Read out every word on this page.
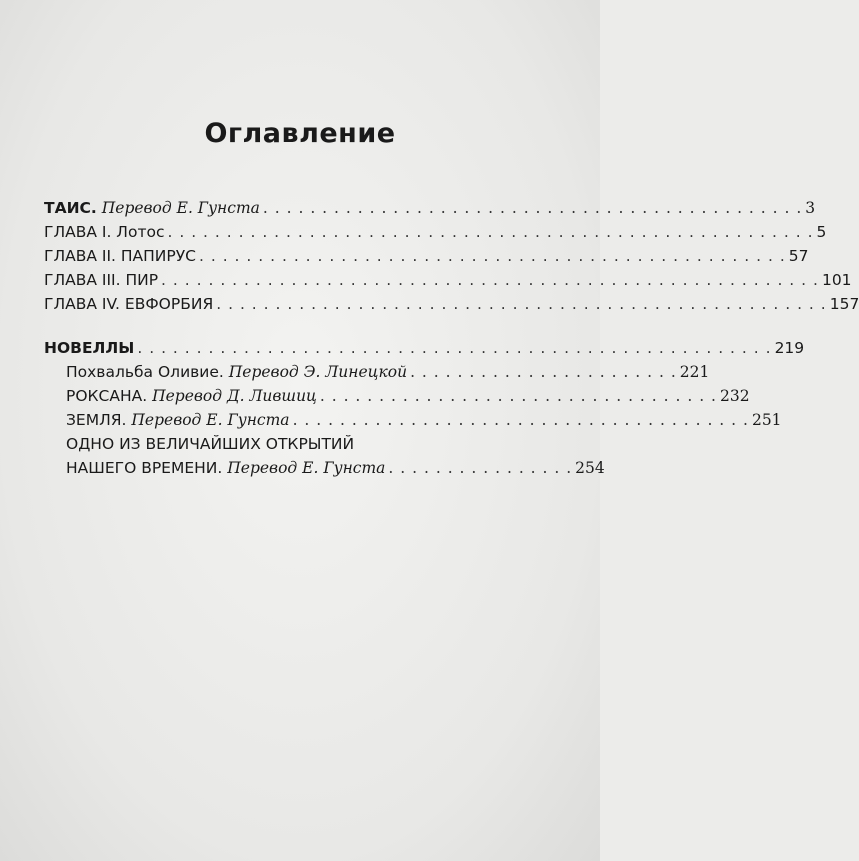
Оглавление
ТАИС.
Перевод Е. Гунста . . . . . . . . . . . . . . . . . . . . . . . . . . . . . . . . . . . . . . . . . . . . . . 3
ГЛАВА I. Лотос . . . . . . . . . . . . . . . . . . . . . . . . . . . . . . . . . . . . . . . . . . . . . . . . . . . . . . . 5
ГЛАВА II. ПАПИРУС . . . . . . . . . . . . . . . . . . . . . . . . . . . . . . . . . . . . . . . . . . . . . . . . . . 57
ГЛАВА III. ПИР . . . . . . . . . . . . . . . . . . . . . . . . . . . . . . . . . . . . . . . . . . . . . . . . . . . . . . . . 101
ГЛАВА IV. ЕВФОРБИЯ . . . . . . . . . . . . . . . . . . . . . . . . . . . . . . . . . . . . . . . . . . . . . . . . . . . . 157
НОВЕЛЛЫ . . . . . . . . . . . . . . . . . . . . . . . . . . . . . . . . . . . . . . . . . . . . . . . . . . . . . . 219
Похвальба Оливие.
Перевод Э. Линецкой . . . . . . . . . . . . . . . . . . . . . . . 221
РОКСАНА.
Перевод Д. Лившиц . . . . . . . . . . . . . . . . . . . . . . . . . . . . . . . . . . 232
ЗЕМЛЯ.
Перевод Е. Гунста . . . . . . . . . . . . . . . . . . . . . . . . . . . . . . . . . . . . . . . 251
ОДНО ИЗ ВЕЛИЧАЙШИХ ОТКРЫТИЙ
НАШЕГО ВРЕМЕНИ.
Перевод Е. Гунста . . . . . . . . . . . . . . . . 254
